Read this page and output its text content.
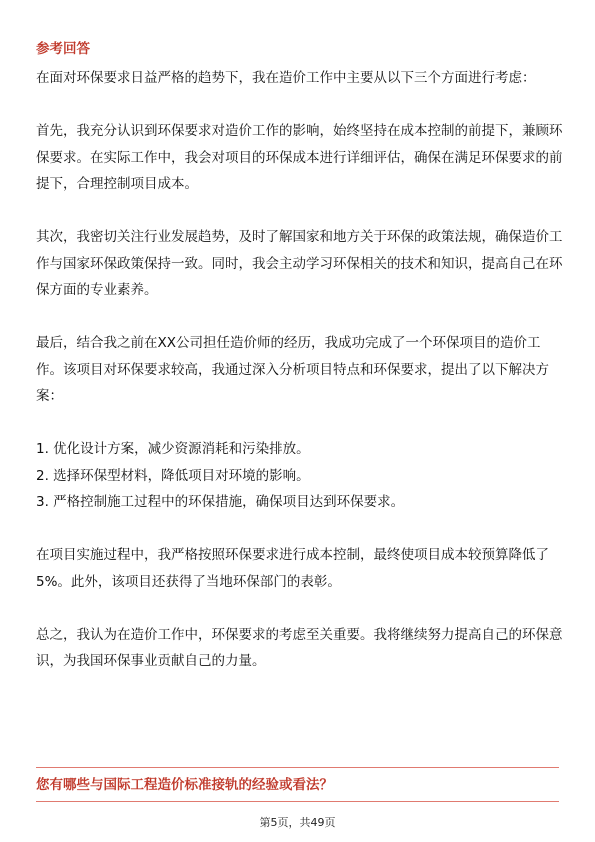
参考回答

在面对环保要求日益严格的趋势下，我在造价工作中主要从以下三个方面进行考虑：

首先，我充分认识到环保要求对造价工作的影响，始终坚持在成本控制的前提下，兼顾环保要求。在实际工作中，我会对项目的环保成本进行详细评估，确保在满足环保要求的前提下，合理控制项目成本。

其次，我密切关注行业发展趋势，及时了解国家和地方关于环保的政策法规，确保造价工作与国家环保政策保持一致。同时，我会主动学习环保相关的技术和知识，提高自己在环保方面的专业素养。

最后，结合我之前在XX公司担任造价师的经历，我成功完成了一个环保项目的造价工作。该项目对环保要求较高，我通过深入分析项目特点和环保要求，提出了以下解决方案：

1. 优化设计方案，减少资源消耗和污染排放。
2. 选择环保型材料，降低项目对环境的影响。
3. 严格控制施工过程中的环保措施，确保项目达到环保要求。

在项目实施过程中，我严格按照环保要求进行成本控制，最终使项目成本较预算降低了5%。此外，该项目还获得了当地环保部门的表彰。

总之，我认为在造价工作中，环保要求的考虑至关重要。我将继续努力提高自己的环保意识，为我国环保事业贡献自己的力量。

您有哪些与国际工程造价标准接轨的经验或看法？
第5页，共49页
